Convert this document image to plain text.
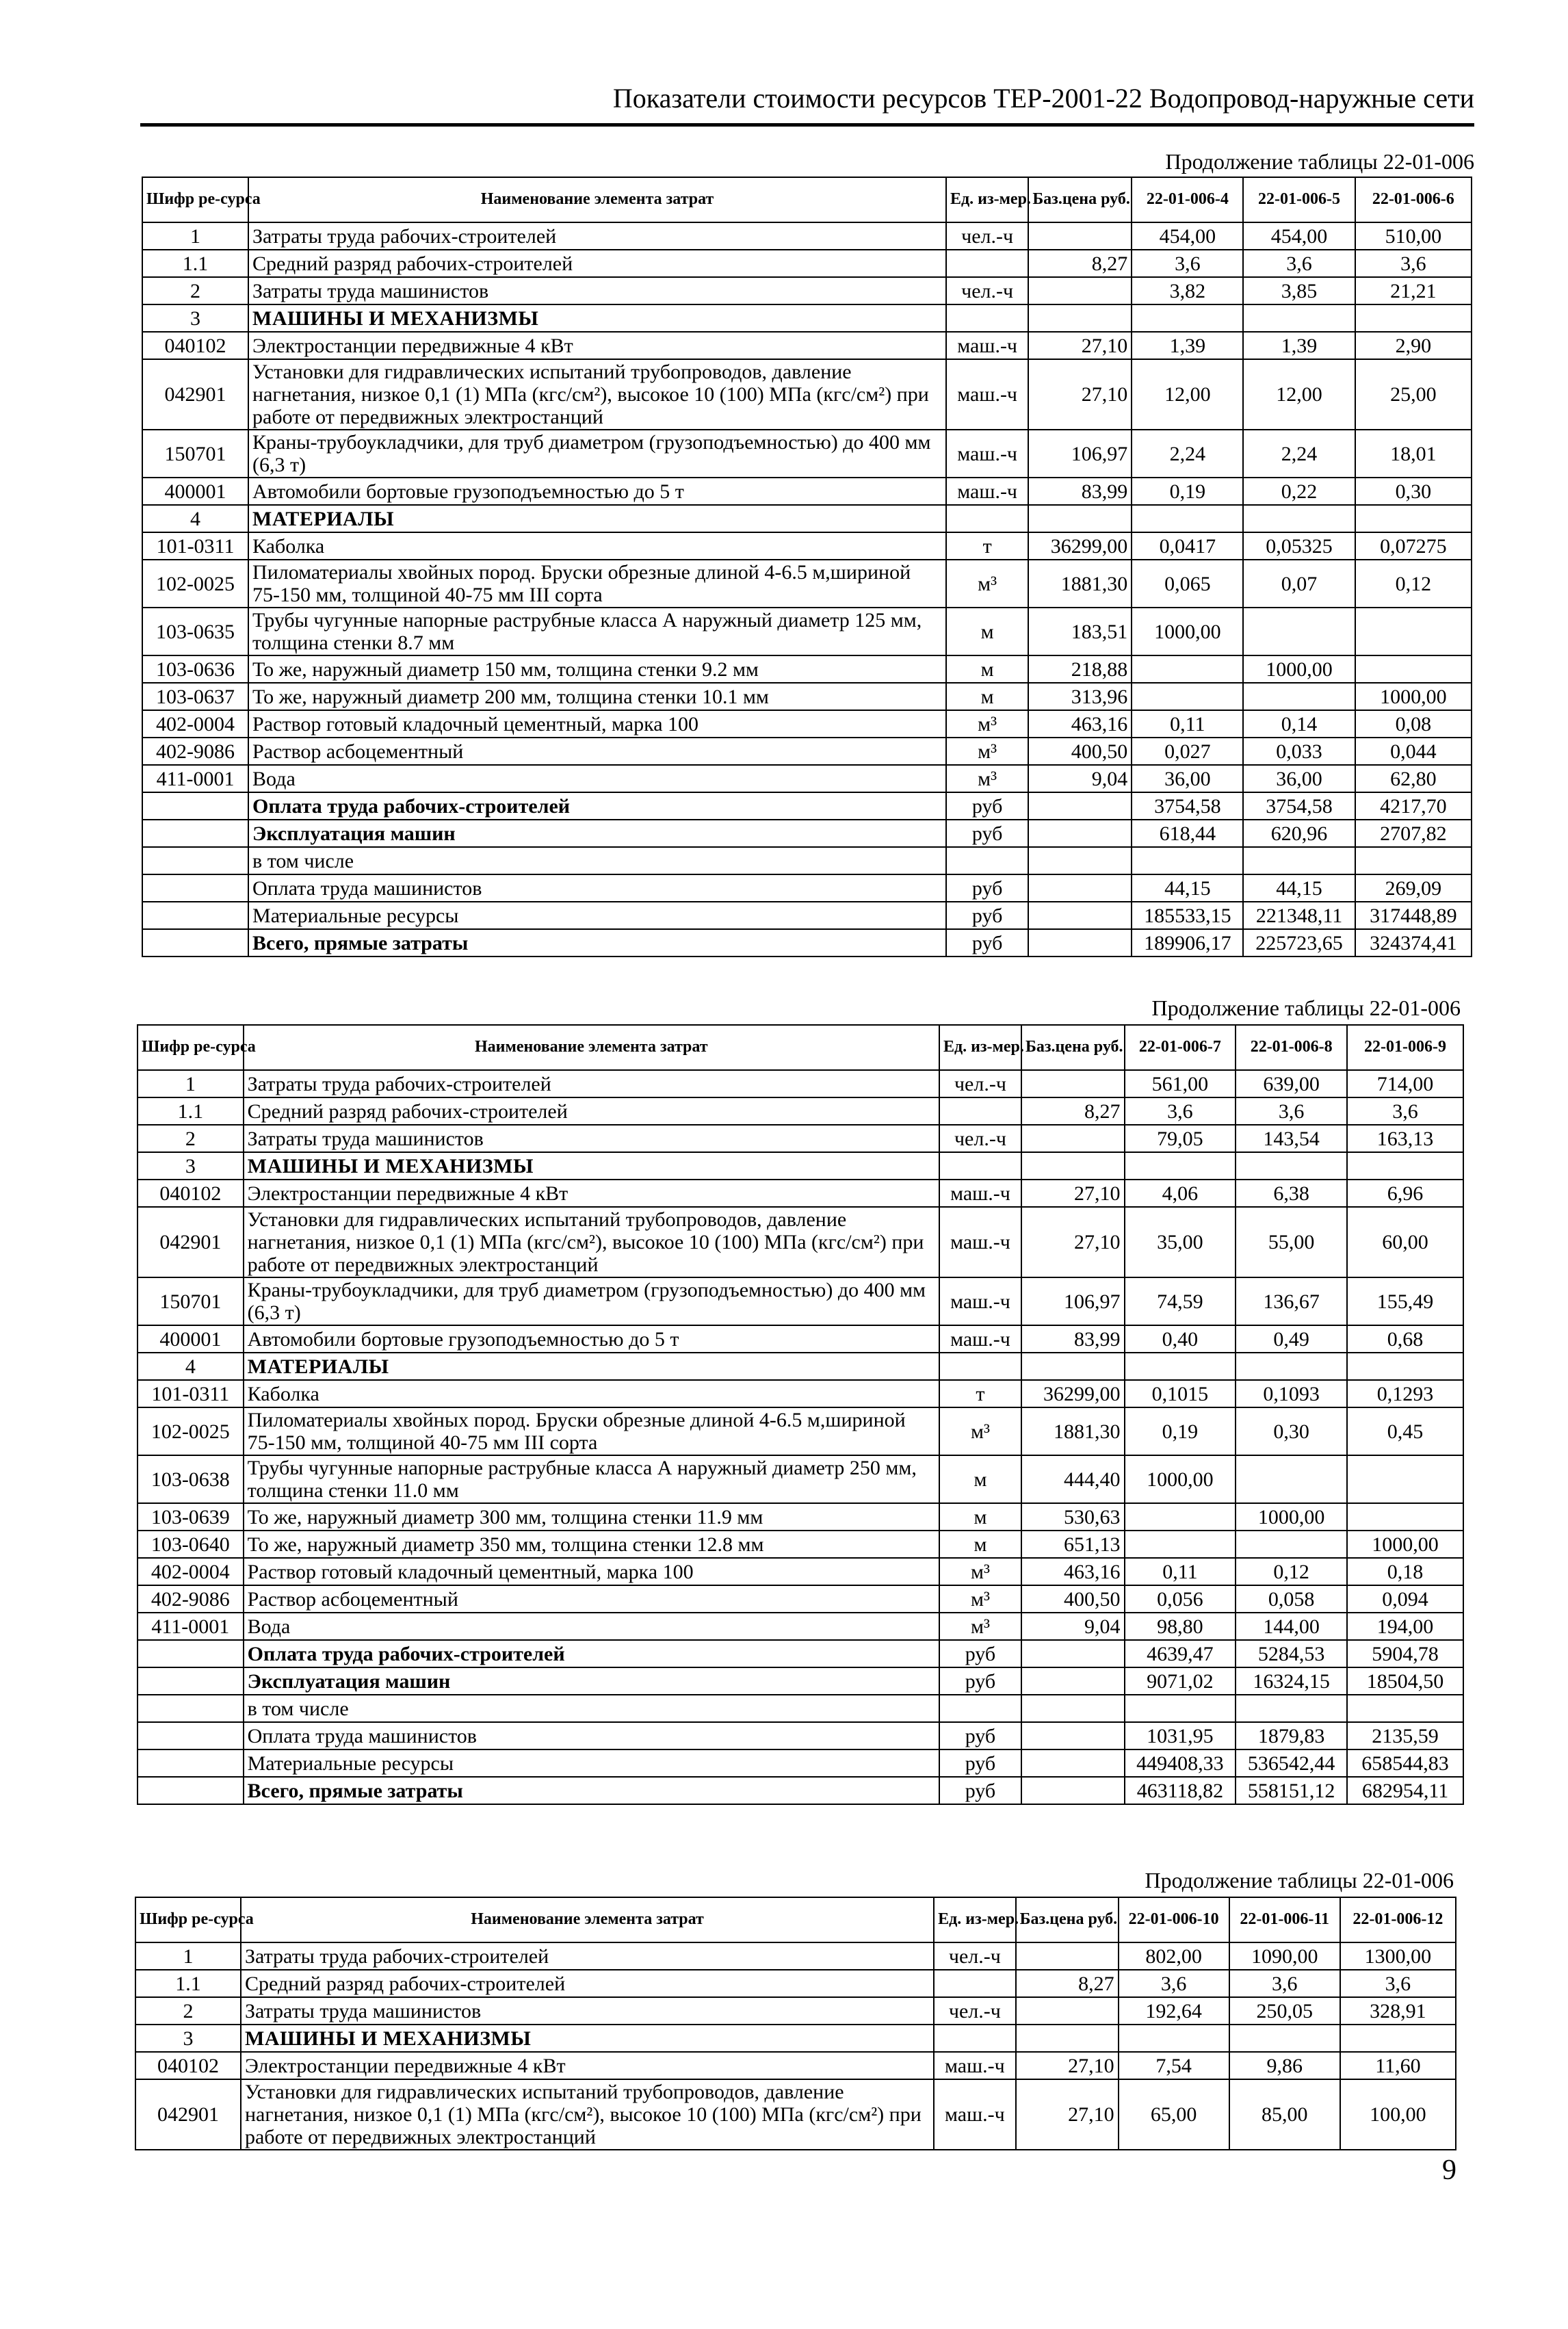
Показатели стоимости ресурсов ТЕР-2001-22 Водопровод-наружные сети
Продолжение таблицы 22-01-006
Шифр ре-сурса	Наименование элемента затрат	Ед. из-мер.	Баз.цена руб.	22-01-006-4	22-01-006-5	22-01-006-6
1	Затраты труда рабочих-строителей	чел.-ч		454,00	454,00	510,00
1.1	Средний разряд рабочих-строителей		8,27	3,6	3,6	3,6
2	Затраты труда машинистов	чел.-ч		3,82	3,85	21,21
3	МАШИНЫ И МЕХАНИЗМЫ					
040102	Электростанции передвижные 4 кВт	маш.-ч	27,10	1,39	1,39	2,90
042901	Установки для гидравлических испытаний трубопроводов, давление нагнетания, низкое 0,1 (1) МПа (кгс/см²), высокое 10 (100) МПа (кгс/см²) при работе от передвижных электростанций	маш.-ч	27,10	12,00	12,00	25,00
150701	Краны-трубоукладчики, для труб диаметром (грузоподъемностью) до 400 мм (6,3 т)	маш.-ч	106,97	2,24	2,24	18,01
400001	Автомобили бортовые грузоподъемностью до 5 т	маш.-ч	83,99	0,19	0,22	0,30
4	МАТЕРИАЛЫ					
101-0311	Каболка	т	36299,00	0,0417	0,05325	0,07275
102-0025	Пиломатериалы хвойных пород. Бруски обрезные длиной 4-6.5 м,шириной 75-150 мм, толщиной 40-75 мм III сорта	м³	1881,30	0,065	0,07	0,12
103-0635	Трубы чугунные напорные раструбные класса А наружный диаметр 125 мм, толщина стенки 8.7 мм	м	183,51	1000,00		
103-0636	То же, наружный диаметр 150 мм, толщина стенки 9.2 мм	м	218,88		1000,00	
103-0637	То же, наружный диаметр 200 мм, толщина стенки 10.1 мм	м	313,96			1000,00
402-0004	Раствор готовый кладочный цементный, марка 100	м³	463,16	0,11	0,14	0,08
402-9086	Раствор асбоцементный	м³	400,50	0,027	0,033	0,044
411-0001	Вода	м³	9,04	36,00	36,00	62,80
	Оплата труда рабочих-строителей	руб		3754,58	3754,58	4217,70
	Эксплуатация машин	руб		618,44	620,96	2707,82
	в том числе					
	Оплата труда машинистов	руб		44,15	44,15	269,09
	Материальные ресурсы	руб		185533,15	221348,11	317448,89
	Всего, прямые затраты	руб		189906,17	225723,65	324374,41
Продолжение таблицы 22-01-006
Шифр ре-сурса	Наименование элемента затрат	Ед. из-мер.	Баз.цена руб.	22-01-006-7	22-01-006-8	22-01-006-9
1	Затраты труда рабочих-строителей	чел.-ч		561,00	639,00	714,00
1.1	Средний разряд рабочих-строителей		8,27	3,6	3,6	3,6
2	Затраты труда машинистов	чел.-ч		79,05	143,54	163,13
3	МАШИНЫ И МЕХАНИЗМЫ					
040102	Электростанции передвижные 4 кВт	маш.-ч	27,10	4,06	6,38	6,96
042901	Установки для гидравлических испытаний трубопроводов, давление нагнетания, низкое 0,1 (1) МПа (кгс/см²), высокое 10 (100) МПа (кгс/см²) при работе от передвижных электростанций	маш.-ч	27,10	35,00	55,00	60,00
150701	Краны-трубоукладчики, для труб диаметром (грузоподъемностью) до 400 мм (6,3 т)	маш.-ч	106,97	74,59	136,67	155,49
400001	Автомобили бортовые грузоподъемностью до 5 т	маш.-ч	83,99	0,40	0,49	0,68
4	МАТЕРИАЛЫ					
101-0311	Каболка	т	36299,00	0,1015	0,1093	0,1293
102-0025	Пиломатериалы хвойных пород. Бруски обрезные длиной 4-6.5 м,шириной 75-150 мм, толщиной 40-75 мм III сорта	м³	1881,30	0,19	0,30	0,45
103-0638	Трубы чугунные напорные раструбные класса А наружный диаметр 250 мм, толщина стенки 11.0 мм	м	444,40	1000,00		
103-0639	То же, наружный диаметр 300 мм, толщина стенки 11.9 мм	м	530,63		1000,00	
103-0640	То же, наружный диаметр 350 мм, толщина стенки 12.8 мм	м	651,13			1000,00
402-0004	Раствор готовый кладочный цементный, марка 100	м³	463,16	0,11	0,12	0,18
402-9086	Раствор асбоцементный	м³	400,50	0,056	0,058	0,094
411-0001	Вода	м³	9,04	98,80	144,00	194,00
	Оплата труда рабочих-строителей	руб		4639,47	5284,53	5904,78
	Эксплуатация машин	руб		9071,02	16324,15	18504,50
	в том числе					
	Оплата труда машинистов	руб		1031,95	1879,83	2135,59
	Материальные ресурсы	руб		449408,33	536542,44	658544,83
	Всего, прямые затраты	руб		463118,82	558151,12	682954,11
Продолжение таблицы 22-01-006
Шифр ре-сурса	Наименование элемента затрат	Ед. из-мер.	Баз.цена руб.	22-01-006-10	22-01-006-11	22-01-006-12
1	Затраты труда рабочих-строителей	чел.-ч		802,00	1090,00	1300,00
1.1	Средний разряд рабочих-строителей		8,27	3,6	3,6	3,6
2	Затраты труда машинистов	чел.-ч		192,64	250,05	328,91
3	МАШИНЫ И МЕХАНИЗМЫ					
040102	Электростанции передвижные 4 кВт	маш.-ч	27,10	7,54	9,86	11,60
042901	Установки для гидравлических испытаний трубопроводов, давление нагнетания, низкое 0,1 (1) МПа (кгс/см²), высокое 10 (100) МПа (кгс/см²) при работе от передвижных электростанций	маш.-ч	27,10	65,00	85,00	100,00
9
